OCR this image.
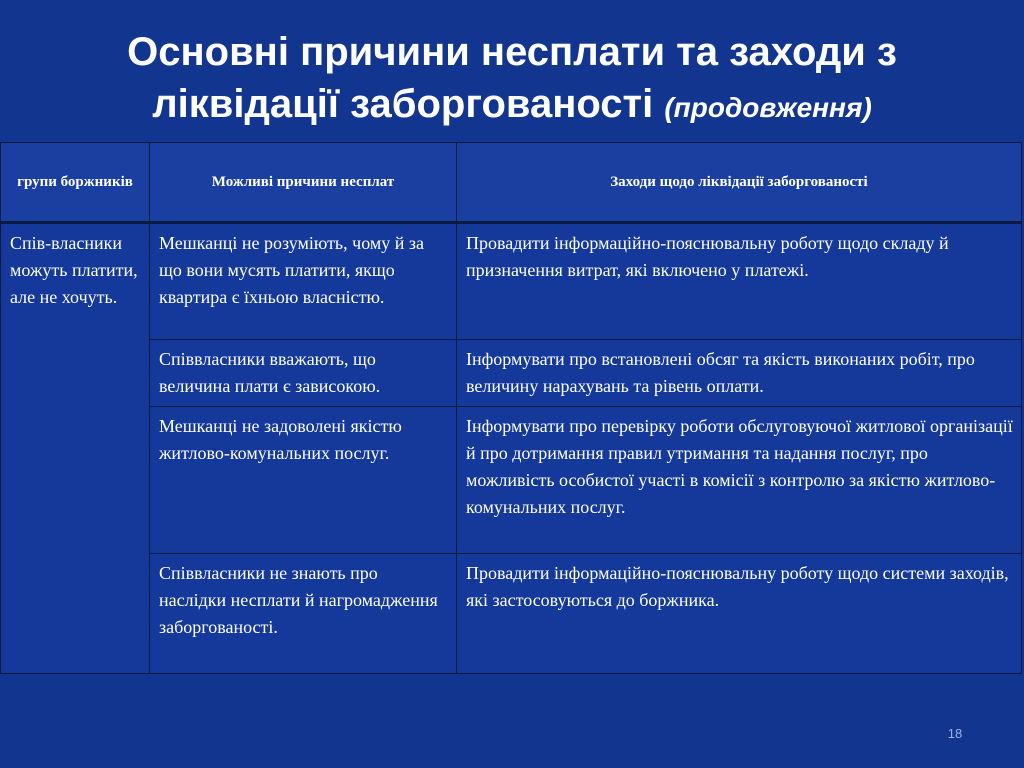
Основні причини несплати та заходи з
ліквідації заборгованості (продовження)
групи боржників	Можливі причини несплат	Заходи щодо ліквідації заборгованості
Спів-власники можуть платити, але не хочуть.	Мешканці не розуміють, чому й за що вони мусять платити, якщо квартира є їхньою власністю.	Провадити інформаційно-пояснювальну роботу щодо складу й призначення витрат, які включено у платежі.
	Співвласники вважають, що величина плати є зависокою.	Інформувати про встановлені обсяг та якість виконаних робіт, про величину нарахувань та рівень оплати.
	Мешканці не задоволені якістю житлово-комунальних послуг.	Інформувати про перевірку роботи обслуговуючої житлової організації й про дотримання правил утримання та надання послуг, про можливість особистої участі в комісії з контролю за якістю житлово-комунальних послуг.
	Співвласники не знають про наслідки несплати й нагромадження заборгованості.	Провадити інформаційно-пояснювальну роботу щодо системи заходів, які застосовуються до боржника.
18
